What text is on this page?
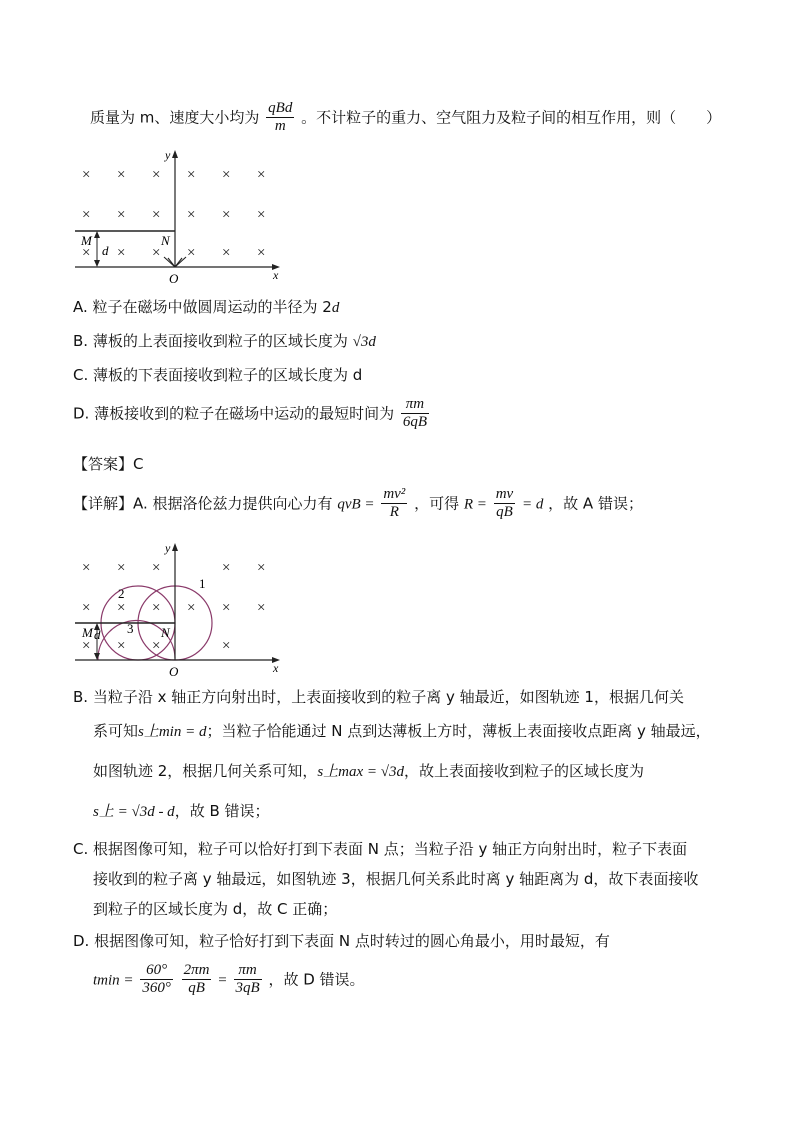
质量为 m、速度大小均为 $\frac{\text{qBd}}{m}$ 。不计粒子的重力、空气阻力及粒子间的相互作用，则（　　）
× × ×	× ×
×
× × × × × ×
× × × × × ×
y
x
O
M	N
d
A. 粒子在磁场中做圆周运动的半径为 2d
B. 薄板的上表面接收到粒子的区域长度为 √3d
C. 薄板的下表面接收到粒子的区域长度为 d
D. 薄板接收到的粒子在磁场中运动的最短时间为 $\frac{\pi m}{6qB}$
【答案】C
【详解】A. 根据洛伦兹力提供向心力有 qvB = $\frac{\text{mv²}}{R}$ ，可得 $R = \frac{mv}{qB} = d$ ，故 A 错误；
× × ×	× ×
× × × × × ×
× × ×	×
y
x
O
M	N
d
1
2
3
B. 当粒子沿 x 轴正方向射出时，上表面接收到的粒子离 y 轴最近，如图轨迹 1，根据几何关
系可知s上min = d；当粒子恰能通过 N 点到达薄板上方时，薄板上表面接收点距离 y 轴最远，
如图轨迹 2，根据几何关系可知，s上max = √3d，故上表面接收到粒子的区域长度为
s上 = √3d - d，故 B 错误；
C. 根据图像可知，粒子可以恰好打到下表面 N 点；当粒子沿 y 轴正方向射出时，粒子下表面
接收到的粒子离 y 轴最远，如图轨迹 3，根据几何关系此时离 y 轴距离为 d，故下表面接收
到粒子的区域长度为 d，故 C 正确；
D. 根据图像可知，粒子恰好打到下表面 N 点时转过的圆心角最小，用时最短，有
$tmin = \frac{60^\circ}{360^\circ}$
$\frac{2\pi m}{qB} = \frac{\pi m}{3qB}$ ，故 D 错误。
